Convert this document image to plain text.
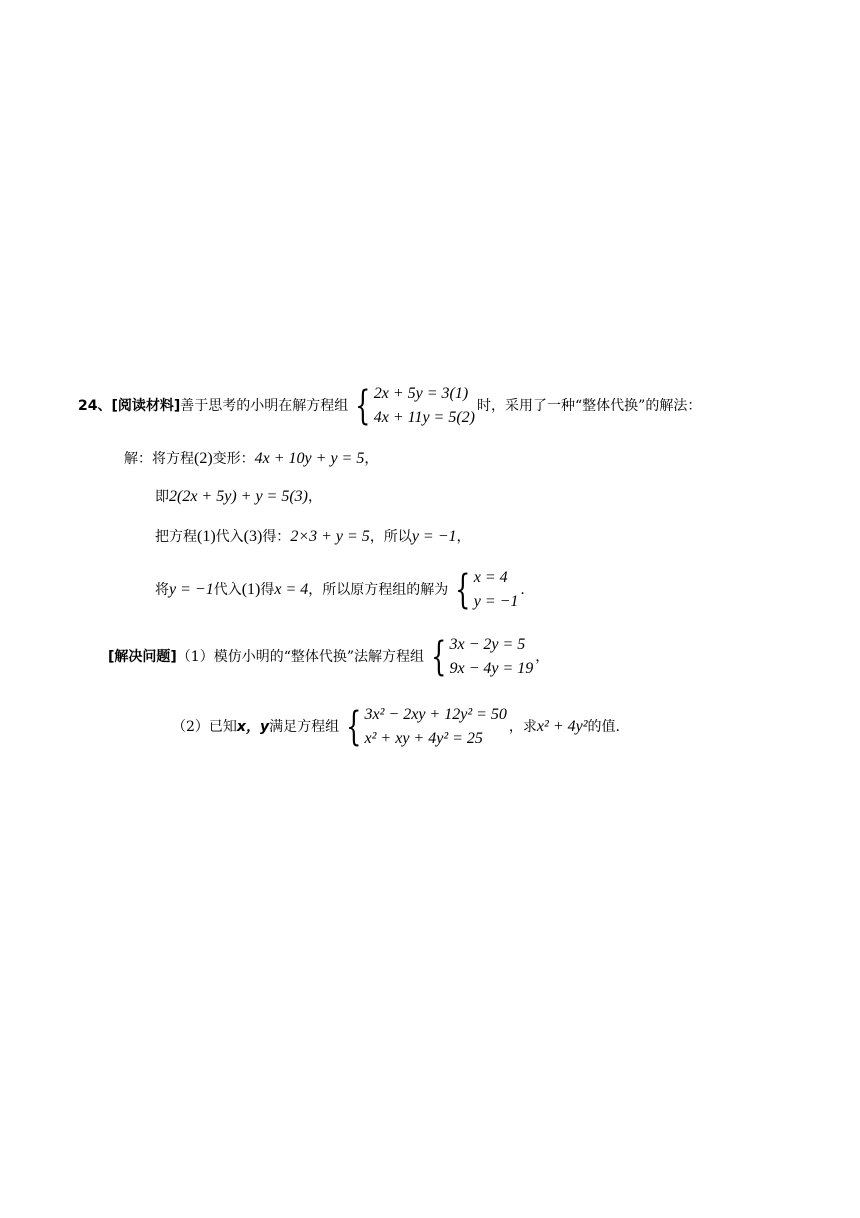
24、 [阅读材料] 善于思考的小明在解方程组 { 2x + 5y = 3(1)
4x + 11y = 5(2)
时，采用了一种“整体代换”的解法：
解：将方程 (2) 变形： 4x + 10y + y = 5 ，
即 2(2x + 5y) + y = 5(3) ，
把方程 (1) 代入 (3) 得： 2×3 + y = 5 ，所以 y = −1 ，
将 y = −1 代入 (1) 得 x = 4 ，所以原方程组的解为 { x = 4
y = −1
.
[解决问题] （1）模仿小明的“整体代换”法解方程组 { 3x − 2y = 5
9x − 4y = 19
，
（2）已知 x，y 满足方程组 { 3x² − 2xy + 12y² = 50
x² + xy + 4y² = 25
，求 x² + 4y² 的值.
